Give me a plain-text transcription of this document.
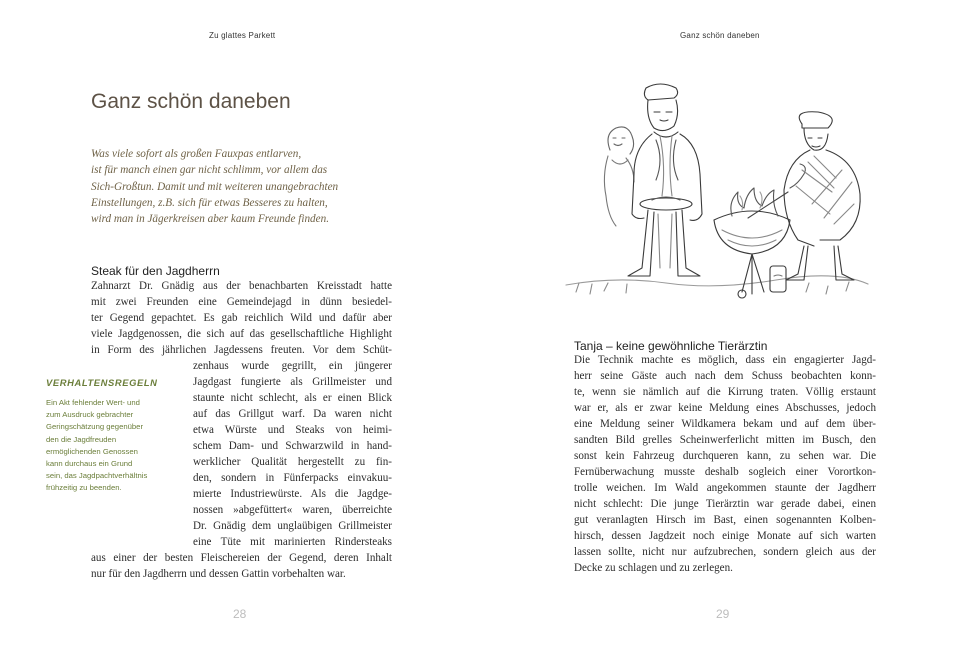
Zu glattes Parkett
Ganz schön daneben
Was viele sofort als großen Fauxpas entlarven,
ist für manch einen gar nicht schlimm, vor allem das
Sich-Großtun. Damit und mit weiteren unangebrachten
Einstellungen, z.B. sich für etwas Besseres zu halten,
wird man in Jägerkreisen aber kaum Freunde finden.
Steak für den Jagdherrn
Zahnarzt Dr. Gnädig aus der benachbarten Kreisstadt hatte
mit zwei Freunden eine Gemeindejagd in dünn besiedel-
ter Gegend gepachtet. Es gab reichlich Wild und dafür aber
viele Jagdgenossen, die sich auf das gesellschaftliche Highlight
in Form des jährlichen Jagdessens freuten. Vor dem Schüt-
zenhaus wurde gegrillt, ein jüngerer
Jagdgast fungierte als Grillmeister und
staunte nicht schlecht, als er einen Blick
auf das Grillgut warf. Da waren nicht
etwa Würste und Steaks von heimi-
schem Dam- und Schwarzwild in hand-
werklicher Qualität hergestellt zu fin-
den, sondern in Fünferpacks einvakuu-
mierte Industriewürste. Als die Jagdge-
nossen »abgefüttert« waren, überreichte
Dr. Gnädig dem unglaübigen Grillmeister
eine Tüte mit marinierten Rindersteaks
aus einer der besten Fleischereien der Gegend, deren Inhalt
nur für den Jagdherrn und dessen Gattin vorbehalten war.
VERHALTENSREGELN
Ein Akt fehlender Wert- und
zum Ausdruck gebrachter
Geringschätzung gegenüber
den die Jagdfreuden
ermöglichenden Genossen
kann durchaus ein Grund
sein, das Jagdpachtverhältnis
frühzeitig zu beenden.
28
Ganz schön daneben
Tanja – keine gewöhnliche Tierärztin
Die Technik machte es möglich, dass ein engagierter Jagd-
herr seine Gäste auch nach dem Schuss beobachten konn-
te, wenn sie nämlich auf die Kirrung traten. Völlig erstaunt
war er, als er zwar keine Meldung eines Abschusses, jedoch
eine Meldung seiner Wildkamera bekam und auf dem über-
sandten Bild grelles Scheinwerferlicht mitten im Busch, den
sonst kein Fahrzeug durchqueren kann, zu sehen war. Die
Fernüberwachung musste deshalb sogleich einer Vorortkon-
trolle weichen. Im Wald angekommen staunte der Jagdherr
nicht schlecht: Die junge Tierärztin war gerade dabei, einen
gut veranlagten Hirsch im Bast, einen sogenannten Kolben-
hirsch, dessen Jagdzeit noch einige Monate auf sich warten
lassen sollte, nicht nur aufzubrechen, sondern gleich aus der
Decke zu schlagen und zu zerlegen.
29
